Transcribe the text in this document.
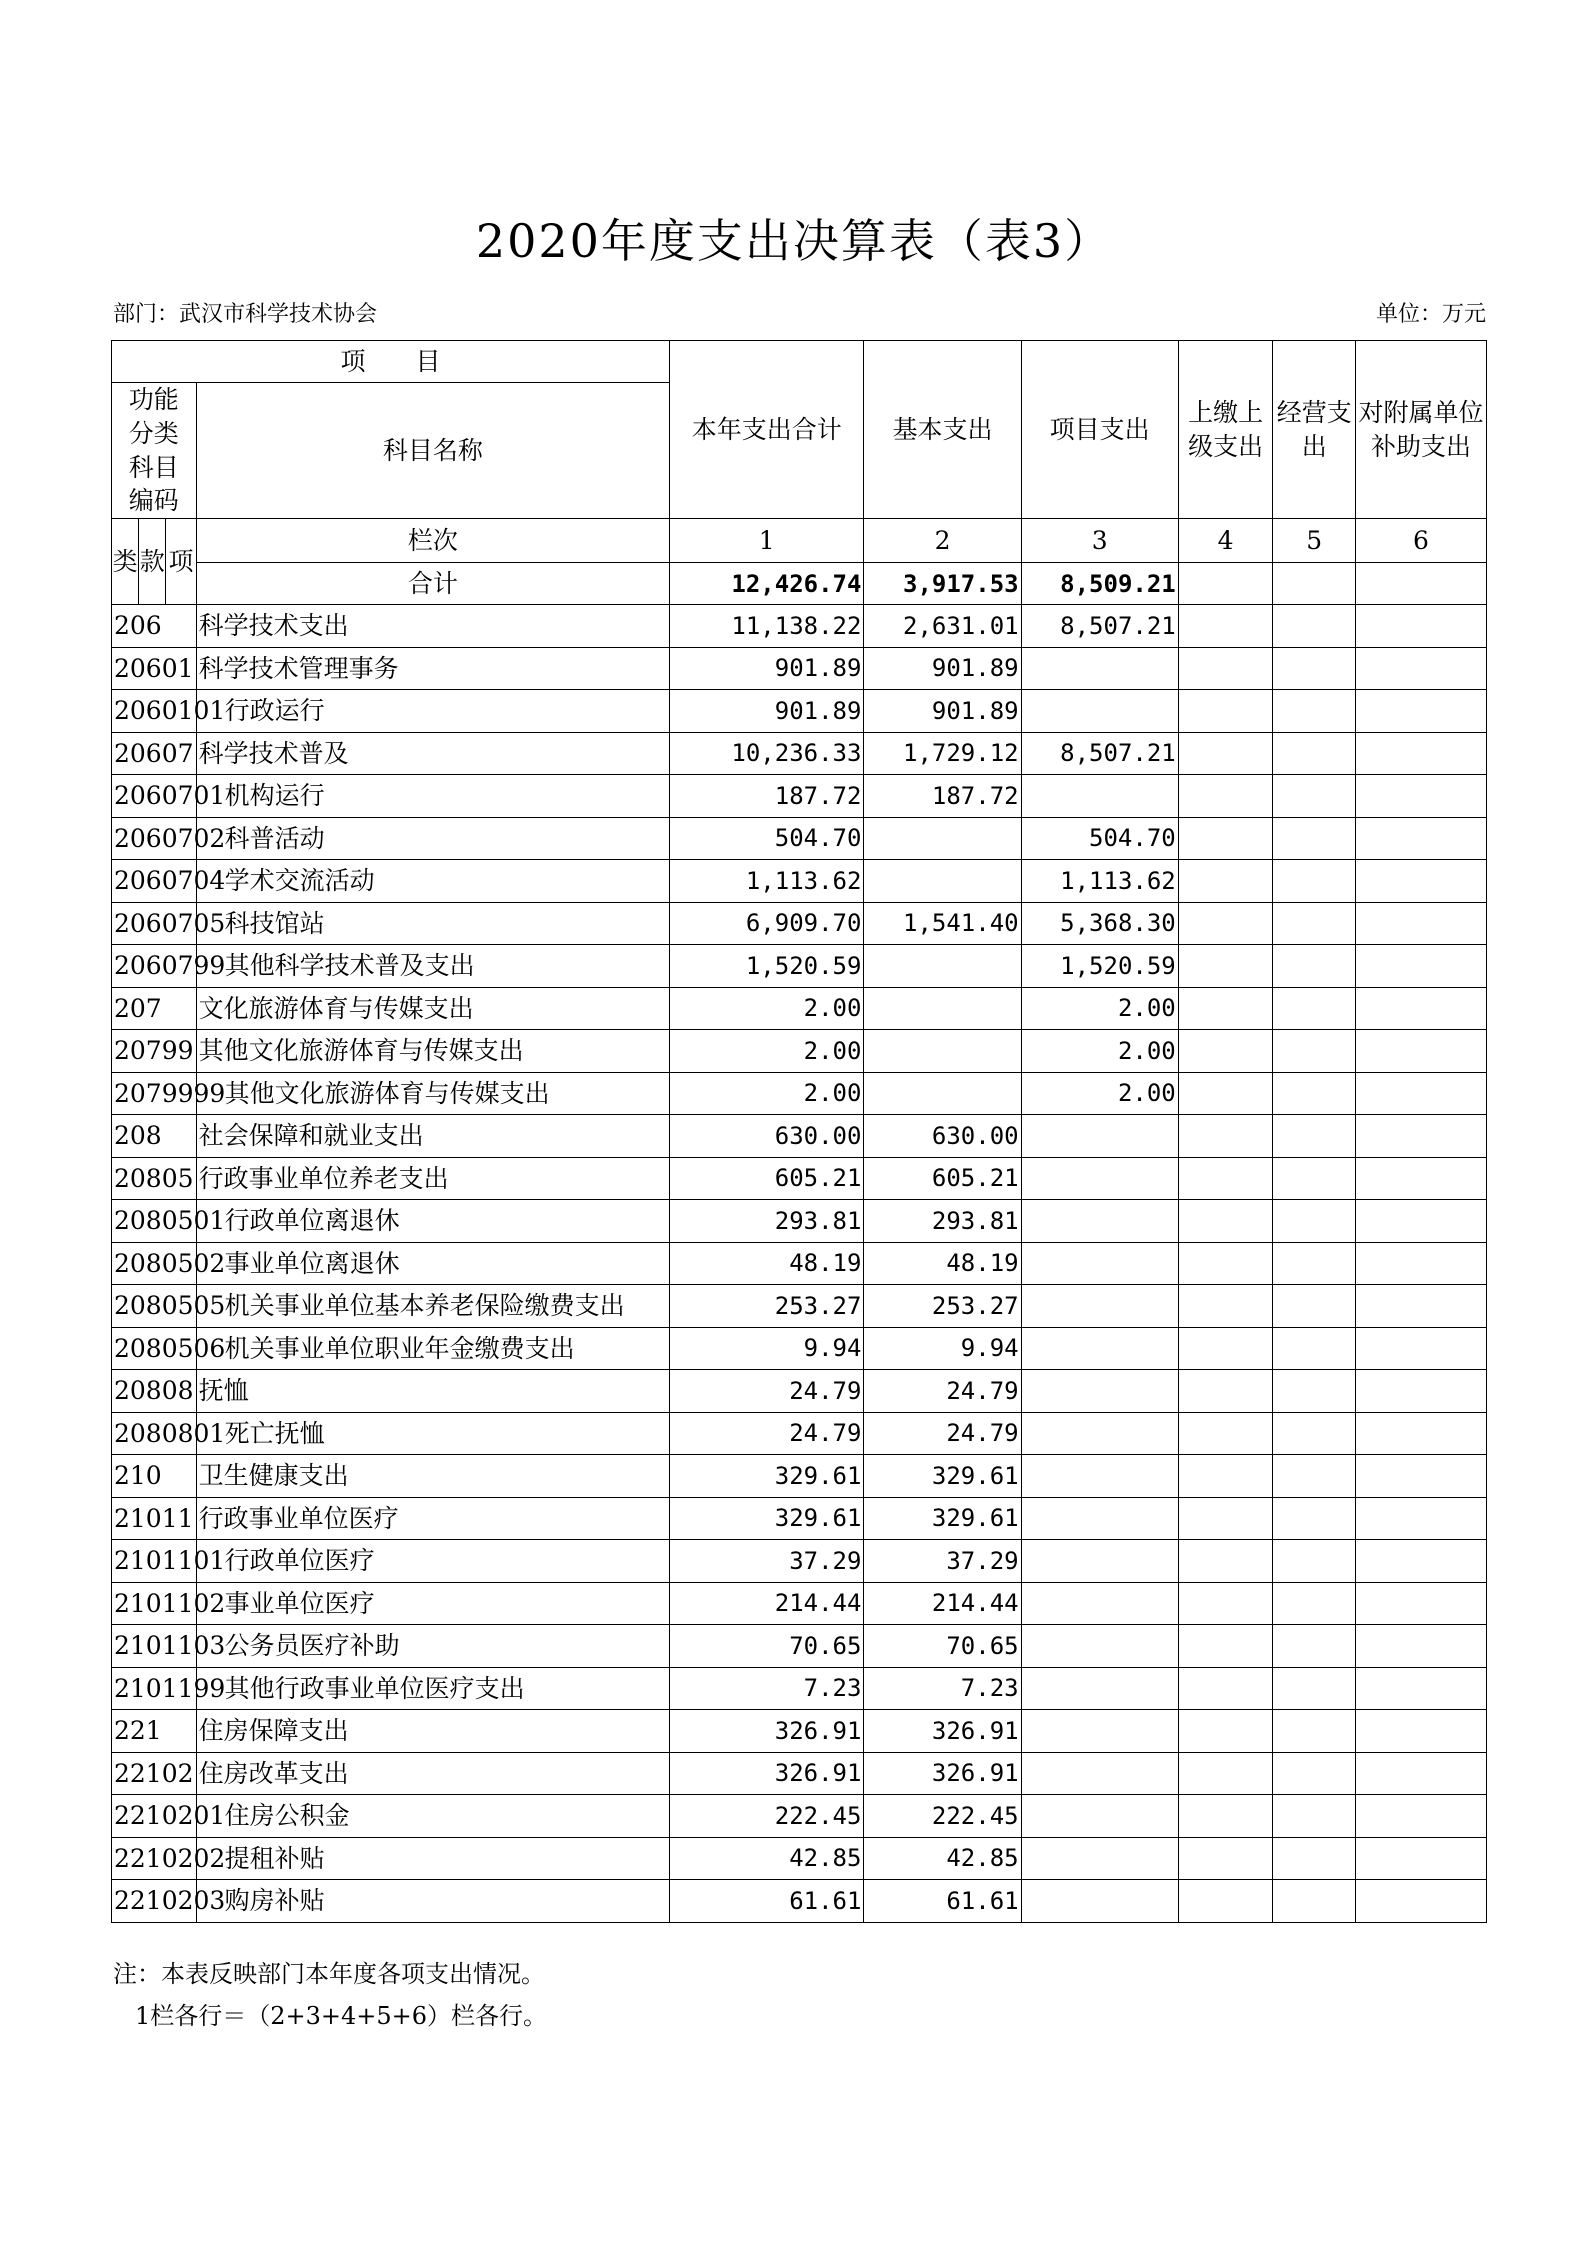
2020年度支出决算表（表3）
部门：武汉市科学技术协会	单位：万元
项　　目				本年支出合计	基本支出	项目支出	上缴上级支出	经营支出	对附属单位补助支出
功能分类科目编码			科目名称						
类	款	项	栏次	1	2	3	4	5	6
			合计	12,426.74	3,917.53	8,509.21			
206			科学技术支出	11,138.22	2,631.01	8,507.21			
20601			科学技术管理事务	901.89	901.89				
2060101			行政运行	901.89	901.89				
20607			科学技术普及	10,236.33	1,729.12	8,507.21			
2060701			机构运行	187.72	187.72				
2060702			科普活动	504.70		504.70			
2060704			学术交流活动	1,113.62		1,113.62			
2060705			科技馆站	6,909.70	1,541.40	5,368.30			
2060799			其他科学技术普及支出	1,520.59		1,520.59			
207			文化旅游体育与传媒支出	2.00		2.00			
20799			其他文化旅游体育与传媒支出	2.00		2.00			
2079999			其他文化旅游体育与传媒支出	2.00		2.00			
208			社会保障和就业支出	630.00	630.00				
20805			行政事业单位养老支出	605.21	605.21				
2080501			行政单位离退休	293.81	293.81				
2080502			事业单位离退休	48.19	48.19				
2080505			机关事业单位基本养老保险缴费支出	253.27	253.27				
2080506			机关事业单位职业年金缴费支出	9.94	9.94				
20808			抚恤	24.79	24.79				
2080801			死亡抚恤	24.79	24.79				
210			卫生健康支出	329.61	329.61				
21011			行政事业单位医疗	329.61	329.61				
2101101			行政单位医疗	37.29	37.29				
2101102			事业单位医疗	214.44	214.44				
2101103			公务员医疗补助	70.65	70.65				
2101199			其他行政事业单位医疗支出	7.23	7.23				
221			住房保障支出	326.91	326.91				
22102			住房改革支出	326.91	326.91				
2210201			住房公积金	222.45	222.45				
2210202			提租补贴	42.85	42.85				
2210203			购房补贴	61.61	61.61				
注：本表反映部门本年度各项支出情况。
1栏各行＝（2+3+4+5+6）栏各行。
